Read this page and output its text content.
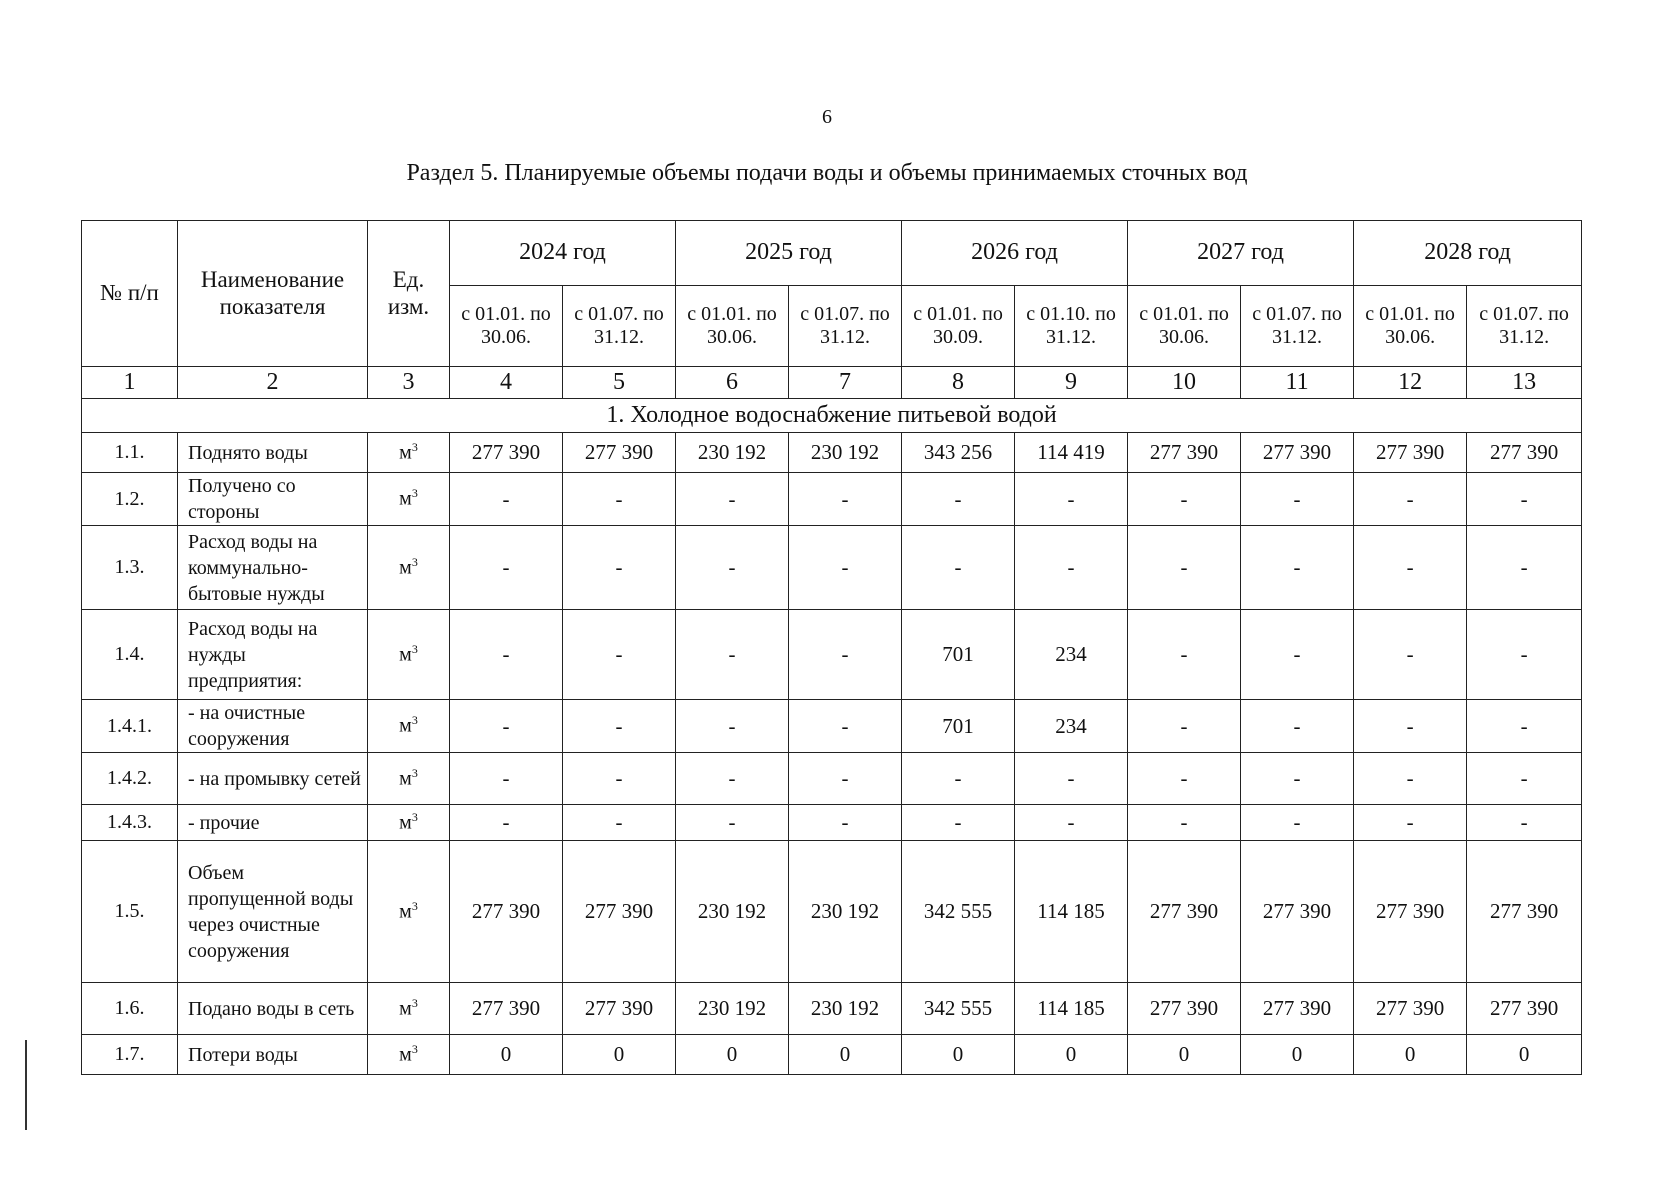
6
Раздел 5. Планируемые объемы подачи воды и объемы принимаемых сточных вод
№ п/п	Наименование показателя	Ед. изм.	2024 год		2025 год		2026 год		2027 год		2028 год	
			с 01.01. по 30.06.	с 01.07. по 31.12.	с 01.01. по 30.06.	с 01.07. по 31.12.	с 01.01. по 30.09.	с 01.10. по 31.12.	с 01.01. по 30.06.	с 01.07. по 31.12.	с 01.01. по 30.06.	с 01.07. по 31.12.
1	2	3	4	5	6	7	8	9	10	11	12	13
1. Холодное водоснабжение питьевой водой												
1.1.	Поднято воды	$м^3$	277 390	277 390	230 192	230 192	343 256	114 419	277 390	277 390	277 390	277 390
1.2.	Получено со стороны	$м^3$	-	-	-	-	-	-	-	-	-	-
1.3.	Расход воды на коммунально-бытовые нужды	$м^3$	-	-	-	-	-	-	-	-	-	-
1.4.	Расход воды на нужды предприятия:	$м^3$	-	-	-	-	701	234	-	-	-	-
1.4.1.	- на очистные сооружения	$м^3$	-	-	-	-	701	234	-	-	-	-
1.4.2.	- на промывку сетей	$м^3$	-	-	-	-	-	-	-	-	-	-
1.4.3.	- прочие	$м^3$	-	-	-	-	-	-	-	-	-	-
1.5.	Объем пропущенной воды через очистные сооружения	$м^3$	277 390	277 390	230 192	230 192	342 555	114 185	277 390	277 390	277 390	277 390
1.6.	Подано воды в сеть	$м^3$	277 390	277 390	230 192	230 192	342 555	114 185	277 390	277 390	277 390	277 390
1.7.	Потери воды	$м^3$	0	0	0	0	0	0	0	0	0	0
